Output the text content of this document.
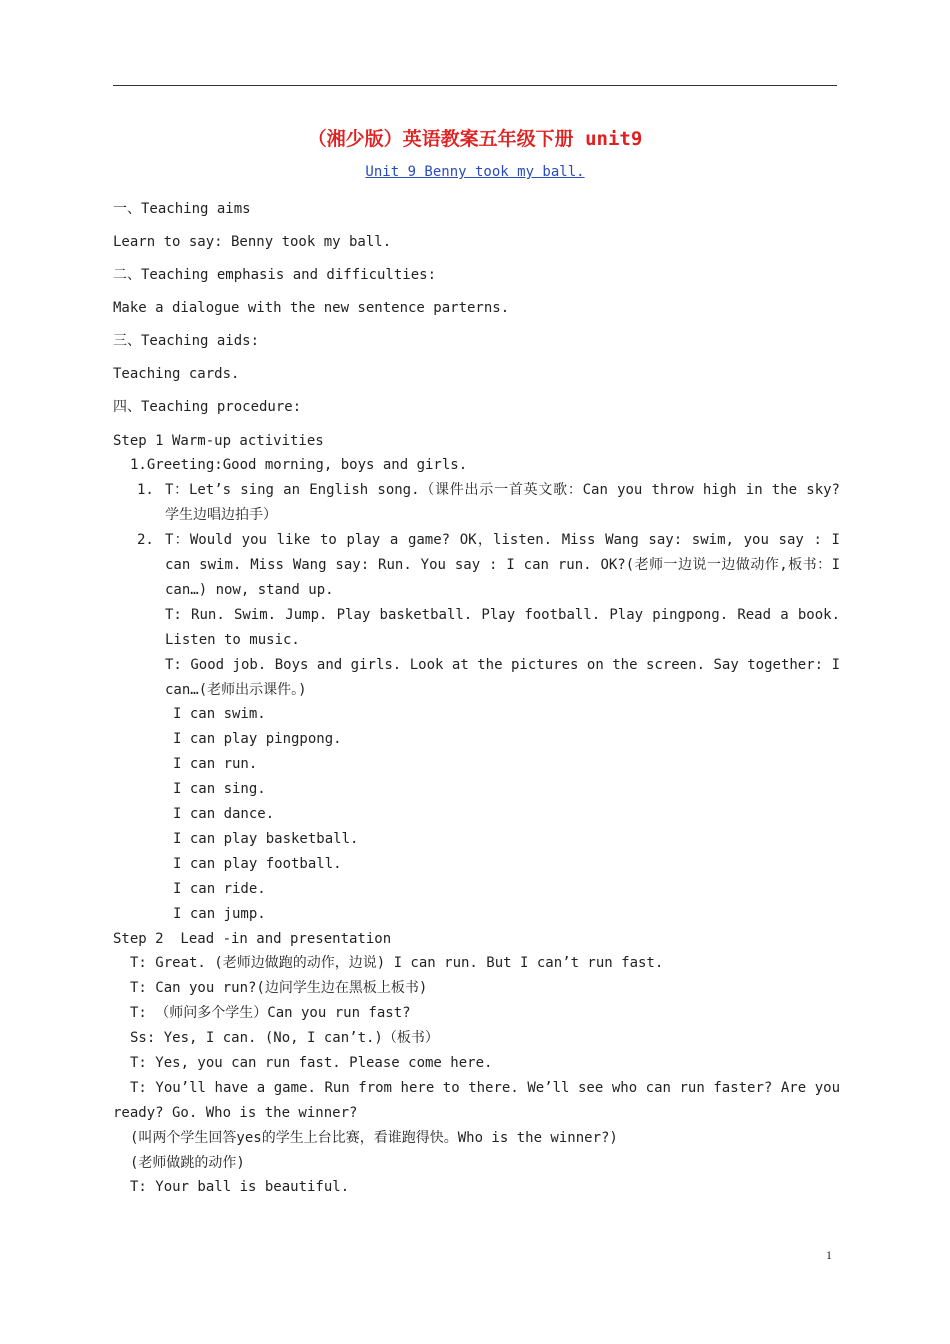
（湘少版）英语教案五年级下册 unit9
Unit 9 Benny took my ball.
一、Teaching aims
Learn to say: Benny took my ball.
二、Teaching emphasis and difficulties:
Make a dialogue with the new sentence parterns.
三、Teaching aids:
Teaching cards.
四、Teaching procedure:
Step 1 Warm-up activities
1.Greeting:Good morning, boys and girls.
1. T：Let’s sing an English song.（课件出示一首英文歌：Can you throw high in the sky? 学生边唱边拍手）
2. T：Would you like to play a game? OK，listen. Miss Wang say: swim, you say : I can swim. Miss Wang say: Run. You say : I can run. OK?(老师一边说一边做动作,板书：I can…) now, stand up.
T: Run. Swim. Jump. Play basketball. Play football. Play pingpong. Read a book. Listen to music.
T: Good job. Boys and girls. Look at the pictures on the screen. Say together: I can…(老师出示课件。)
I can swim.
I can play pingpong.
I can run.
I can sing.
I can dance.
I can play basketball.
I can play football.
I can ride.
I can jump.
Step 2  Lead -in and presentation
T: Great. (老师边做跑的动作，边说) I can run. But I can’t run fast.
T: Can you run?(边问学生边在黑板上板书)
T: （师问多个学生）Can you run fast?
Ss: Yes, I can. (No, I can’t.)（板书）
T: Yes, you can run fast. Please come here.
T: You’ll have a game. Run from here to there. We’ll see who can run faster? Are you ready? Go. Who is the winner?
(叫两个学生回答yes的学生上台比赛，看谁跑得快。Who is the winner?)
(老师做跳的动作)
T: Your ball is beautiful.
1
